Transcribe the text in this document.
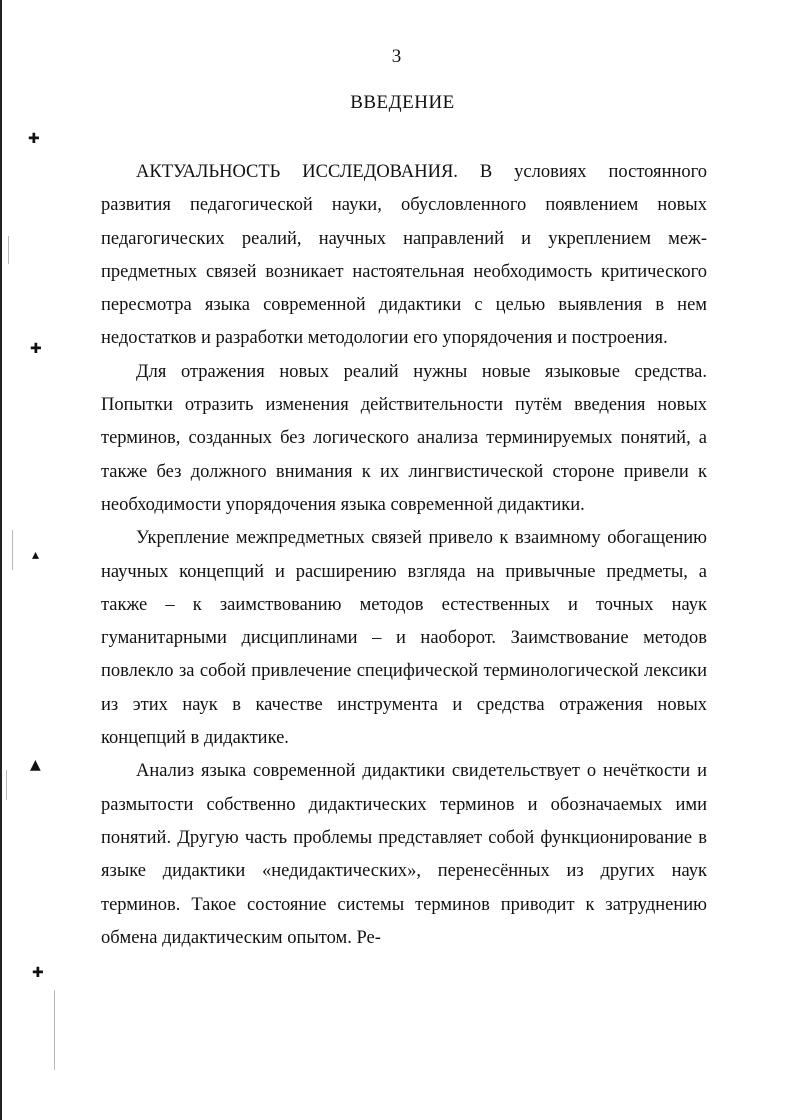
✚
✚
▴
▲
✚
3
ВВЕДЕНИЕ

АКТУАЛЬНОСТЬ ИССЛЕДОВАНИЯ. В условиях постоянного развития педагогической науки, обусловленного появлением новых педагогических реалий, научных направлений и укреплением межпредметных связей возникает настоятельная необходимость критического пересмотра языка современной дидактики с целью выявления в нем недостатков и разработки методологии его упорядочения и построения.

Для отражения новых реалий нужны новые языковые средства. Попытки отразить изменения действительности путём введения новых терминов, созданных без логического анализа терминируемых понятий, а также без должного внимания к их лингвистической стороне привели к необходимости упорядочения языка современной дидактики.

Укрепление межпредметных связей привело к взаимному обогащению научных концепций и расширению взгляда на привычные предметы, а также – к заимствованию методов естественных и точных наук гуманитарными дисциплинами – и наоборот. Заимствование методов повлекло за собой привлечение специфической терминологической лексики из этих наук в качестве инструмента и средства отражения новых концепций в дидактике.

Анализ языка современной дидактики свидетельствует о нечёткости и размытости собственно дидактических терминов и обозначаемых ими понятий. Другую часть проблемы представляет собой функционирование в языке дидактики «недидактических», перенесённых из других наук терминов. Такое состояние системы терминов приводит к затруднению обмена дидактическим опытом. Ре-
